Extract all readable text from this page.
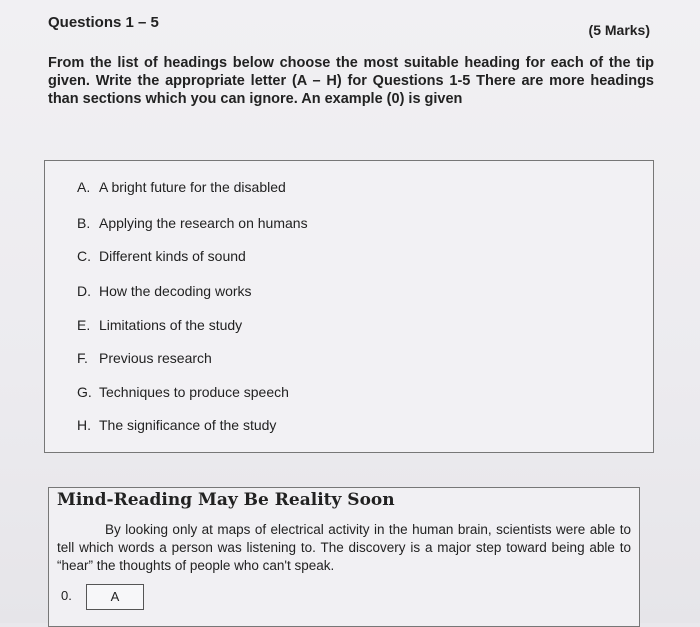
Questions 1 – 5	(5 Marks)
From the list of headings below choose the most suitable heading for each of the tip given. Write the appropriate letter (A – H) for Questions 1-5 There are more headings than sections which you can ignore. An example (0) is given
A. A bright future for the disabled
B. Applying the research on humans
C. Different kinds of sound
D. How the decoding works
E. Limitations of the study
F. Previous research
G. Techniques to produce speech
H. The significance of the study
Mind-Reading May Be Reality Soon
By looking only at maps of electrical activity in the human brain, scientists were able to tell which words a person was listening to. The discovery is a major step toward being able to “hear” the thoughts of people who can't speak.
0.	A
